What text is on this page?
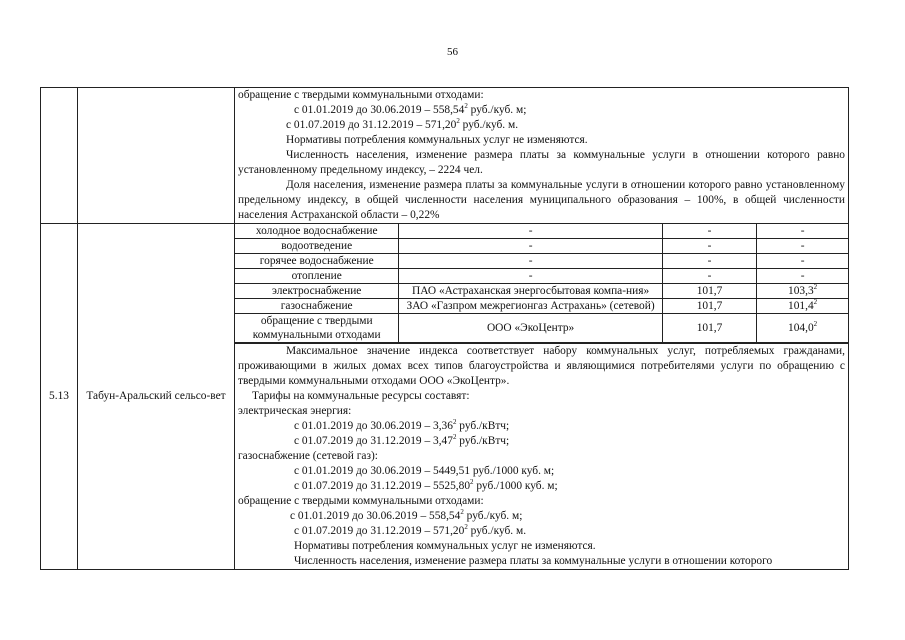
56

обращение с твердыми коммунальными отходами:

с 01.01.2019 до 30.06.2019 – 558,54$^2$ руб./куб. м;

с 01.07.2019 до 31.12.2019 – 571,20$^2$ руб./куб. м.

Нормативы потребления коммунальных услуг не изменяются.

Численность населения, изменение размера платы за коммунальные услуги в отношении которого равно установленному предельному индексу, – 2224 чел.

Доля населения, изменение размера платы за коммунальные услуги в отношении которого равно установленному предельному индексу, в общей численности населения муниципального образования – 100%, в общей численности населения Астраханской области – 0,22%

5.13	Табун-Аральский сельсо-вет	
холодное водоснабжение	-	-	-
водоотведение	-	-	-
горячее водоснабжение	-	-	-
отопление	-	-	-
электроснабжение	ПАО «Астраханская энергосбытовая компа-ния»	101,7	103,3$^2$
газоснабжение	ЗАО «Газпром межрегионгаз Астрахань» (сетевой)	101,7	101,4$^2$
обращение с твердыми коммунальными отходами	ООО «ЭкоЦентр»	101,7	104,0$^2$

Максимальное значение индекса соответствует набору коммунальных услуг, потребляемых гражданами, проживающими в жилых домах всех типов благоустройства и являющимися потребителями услуги по обращению с твердыми коммунальными отходами ООО «ЭкоЦентр».

Тарифы на коммунальные ресурсы составят:

электрическая энергия:

с 01.01.2019 до 30.06.2019 – 3,36$^2$ руб./кВтч;

с 01.07.2019 до 31.12.2019 – 3,47$^2$ руб./кВтч;

газоснабжение (сетевой газ):

с 01.01.2019 до 30.06.2019 – 5449,51 руб./1000 куб. м;

с 01.07.2019 до 31.12.2019 – 5525,80$^2$ руб./1000 куб. м;

обращение с твердыми коммунальными отходами:

с 01.01.2019 до 30.06.2019 – 558,54$^2$ руб./куб. м;

с 01.07.2019 до 31.12.2019 – 571,20$^2$ руб./куб. м.

Нормативы потребления коммунальных услуг не изменяются.

Численность населения, изменение размера платы за коммунальные услуги в отношении которого
